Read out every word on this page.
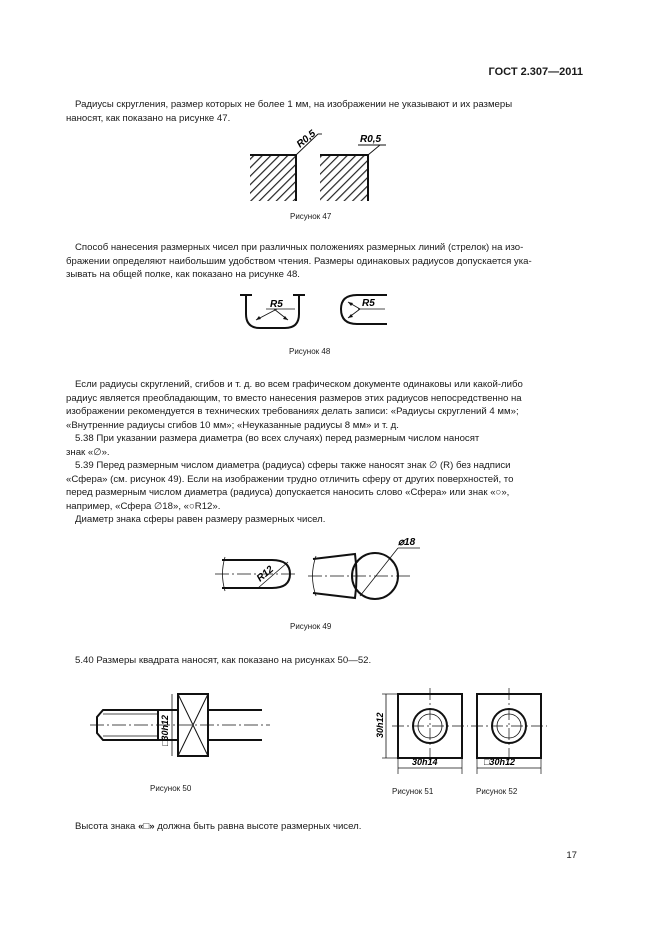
ГОСТ 2.307—2011
Радиусы скругления, размер которых не более 1 мм, на изображении не указывают и их размеры
наносят, как показано на рисунке 47.
R0,5	R0,5
Рисунок 47
Способ нанесения размерных чисел при различных положениях размерных линий (стрелок) на изо-
бражении определяют наибольшим удобством чтения. Размеры одинаковых радиусов допускается ука-
зывать на общей полке, как показано на рисунке 48.
R5	R5
Рисунок 48
Если радиусы скруглений, сгибов и т. д. во всем графическом документе одинаковы или какой-либо
радиус является преобладающим, то вместо нанесения размеров этих радиусов непосредственно на
изображении рекомендуется в технических требованиях делать записи: «Радиусы скруглений 4 мм»;
«Внутренние радиусы сгибов 10 мм»; «Неуказанные радиусы 8 мм» и т. д.
5.38 При указании размера диаметра (во всех случаях) перед размерным числом наносят
знак «∅».
5.39 Перед размерным числом диаметра (радиуса) сферы также наносят знак ∅ (R) без надписи
«Сфера» (см. рисунок 49). Если на изображении трудно отличить сферу от других поверхностей, то
перед размерным числом диаметра (радиуса) допускается наносить слово «Сфера» или знак «○»,
например, «Сфера ∅18», «○R12».
Диаметр знака сферы равен размеру размерных чисел.
R12
⌀18
Рисунок 49
5.40 Размеры квадрата наносят, как показано на рисунках 50—52.
□30h12
Рисунок 50
30h12
30h14
Рисунок 51
□30h12
Рисунок 52
Высота знака «□» должна быть равна высоте размерных чисел.
17
